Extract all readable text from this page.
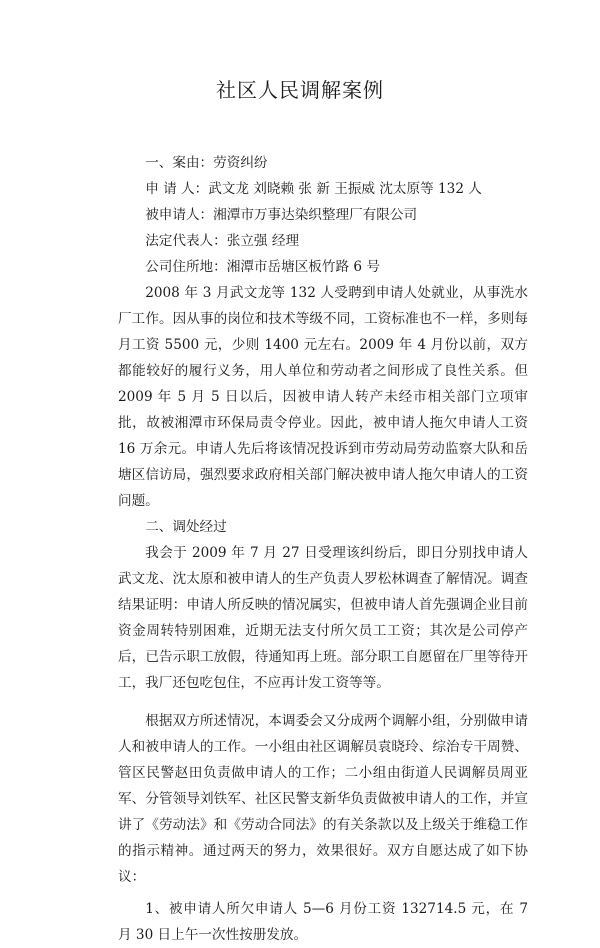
社区人民调解案例

一、案由：劳资纠纷

申 请 人：武文龙 刘晓赖 张 新 王振威 沈太原等 132 人

被申请人：湘潭市万事达染织整理厂有限公司

法定代表人：张立强 经理

公司住所地：湘潭市岳塘区板竹路 6 号

2008 年 3 月武文龙等 132 人受聘到申请人处就业，从事洗水厂工作。因从事的岗位和技术等级不同，工资标准也不一样，多则每月工资 5500 元，少则 1400 元左右。2009 年 4 月份以前，双方都能较好的履行义务，用人单位和劳动者之间形成了良性关系。但 2009 年 5 月 5 日以后，因被申请人转产未经市相关部门立项审批，故被湘潭市环保局责令停业。因此，被申请人拖欠申请人工资 16 万余元。申请人先后将该情况投诉到市劳动局劳动监察大队和岳塘区信访局，强烈要求政府相关部门解决被申请人拖欠申请人的工资问题。

二、调处经过

我会于 2009 年 7 月 27 日受理该纠纷后，即日分别找申请人武文龙、沈太原和被申请人的生产负责人罗松林调查了解情况。调查结果证明：申请人所反映的情况属实，但被申请人首先强调企业目前资金周转特别困难，近期无法支付所欠员工工资；其次是公司停产后，已告示职工放假，待通知再上班。部分职工自愿留在厂里等待开工，我厂还包吃包住，不应再计发工资等等。

根据双方所述情况，本调委会又分成两个调解小组，分别做申请人和被申请人的工作。一小组由社区调解员袁晓玲、综治专干周赞、管区民警赵田负责做申请人的工作；二小组由街道人民调解员周亚军、分管领导刘铁军、社区民警支新华负责做被申请人的工作，并宣讲了《劳动法》和《劳动合同法》的有关条款以及上级关于维稳工作的指示精神。通过两天的努力，效果很好。双方自愿达成了如下协议：

1、被申请人所欠申请人 5—6 月份工资 132714.5 元，在 7 月 30 日上午一次性按册发放。
